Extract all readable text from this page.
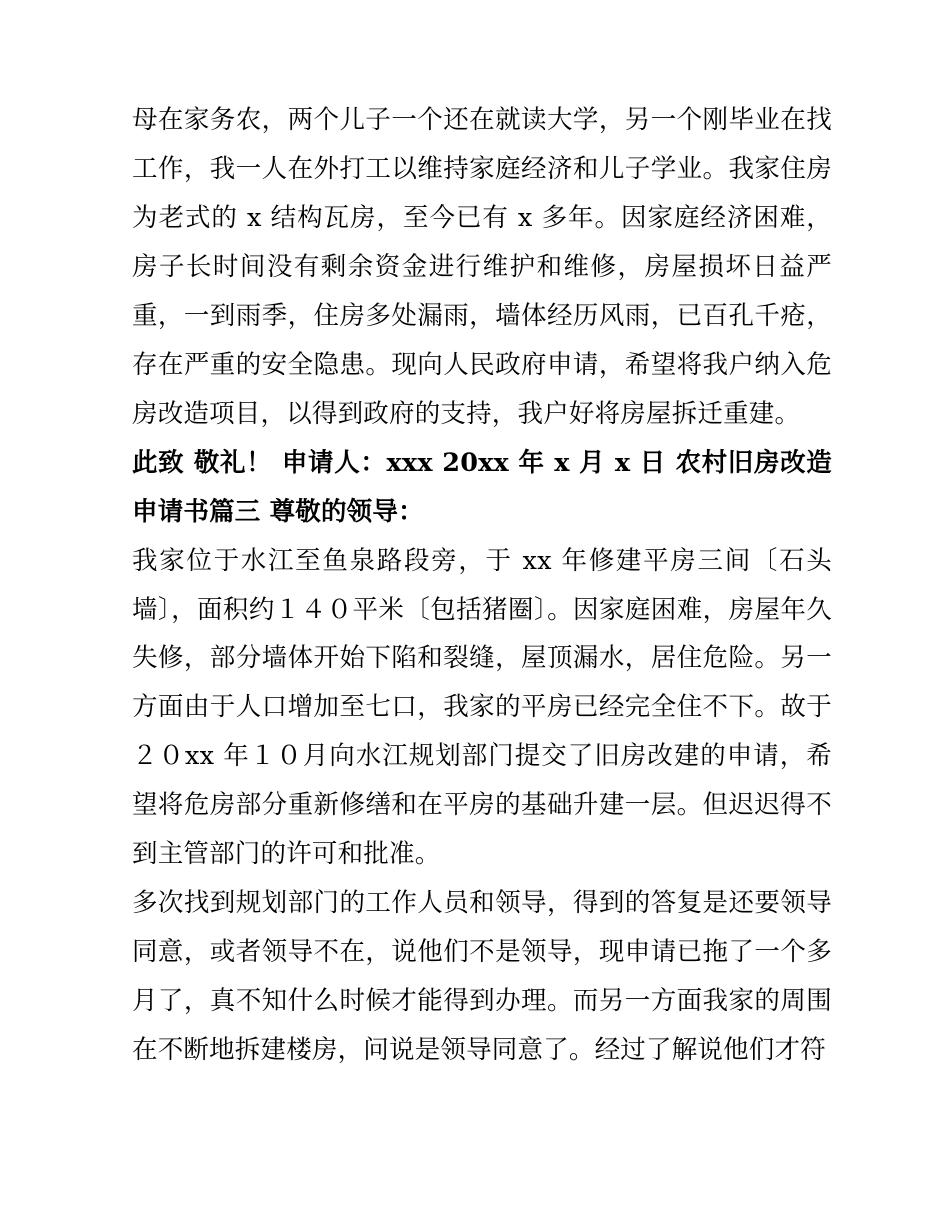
母在家务农，两个儿子一个还在就读大学，另一个刚毕业在找工作，我一人在外打工以维持家庭经济和儿子学业。我家住房为老式的 x 结构瓦房，至今已有 x 多年。因家庭经济困难，房子长时间没有剩余资金进行维护和维修，房屋损坏日益严重，一到雨季，住房多处漏雨，墙体经历风雨，已百孔千疮，存在严重的安全隐患。现向人民政府申请，希望将我户纳入危房改造项目，以得到政府的支持，我户好将房屋拆迁重建。

此致 敬礼！ 申请人：xxx 20xx 年 x 月 x 日 农村旧房改造申请书篇三 尊敬的领导：

我家位于水江至鱼泉路段旁，于 xx 年修建平房三间〔石头墙〕，面积约１４０平米〔包括猪圈〕。因家庭困难，房屋年久失修，部分墙体开始下陷和裂缝，屋顶漏水，居住危险。另一方面由于人口增加至七口，我家的平房已经完全住不下。故于２０xx 年１０月向水江规划部门提交了旧房改建的申请，希望将危房部分重新修缮和在平房的基础升建一层。但迟迟得不到主管部门的许可和批准。

多次找到规划部门的工作人员和领导，得到的答复是还要领导同意，或者领导不在，说他们不是领导，现申请已拖了一个多月了，真不知什么时候才能得到办理。而另一方面我家的周围在不断地拆建楼房，问说是领导同意了。经过了解说他们才符
